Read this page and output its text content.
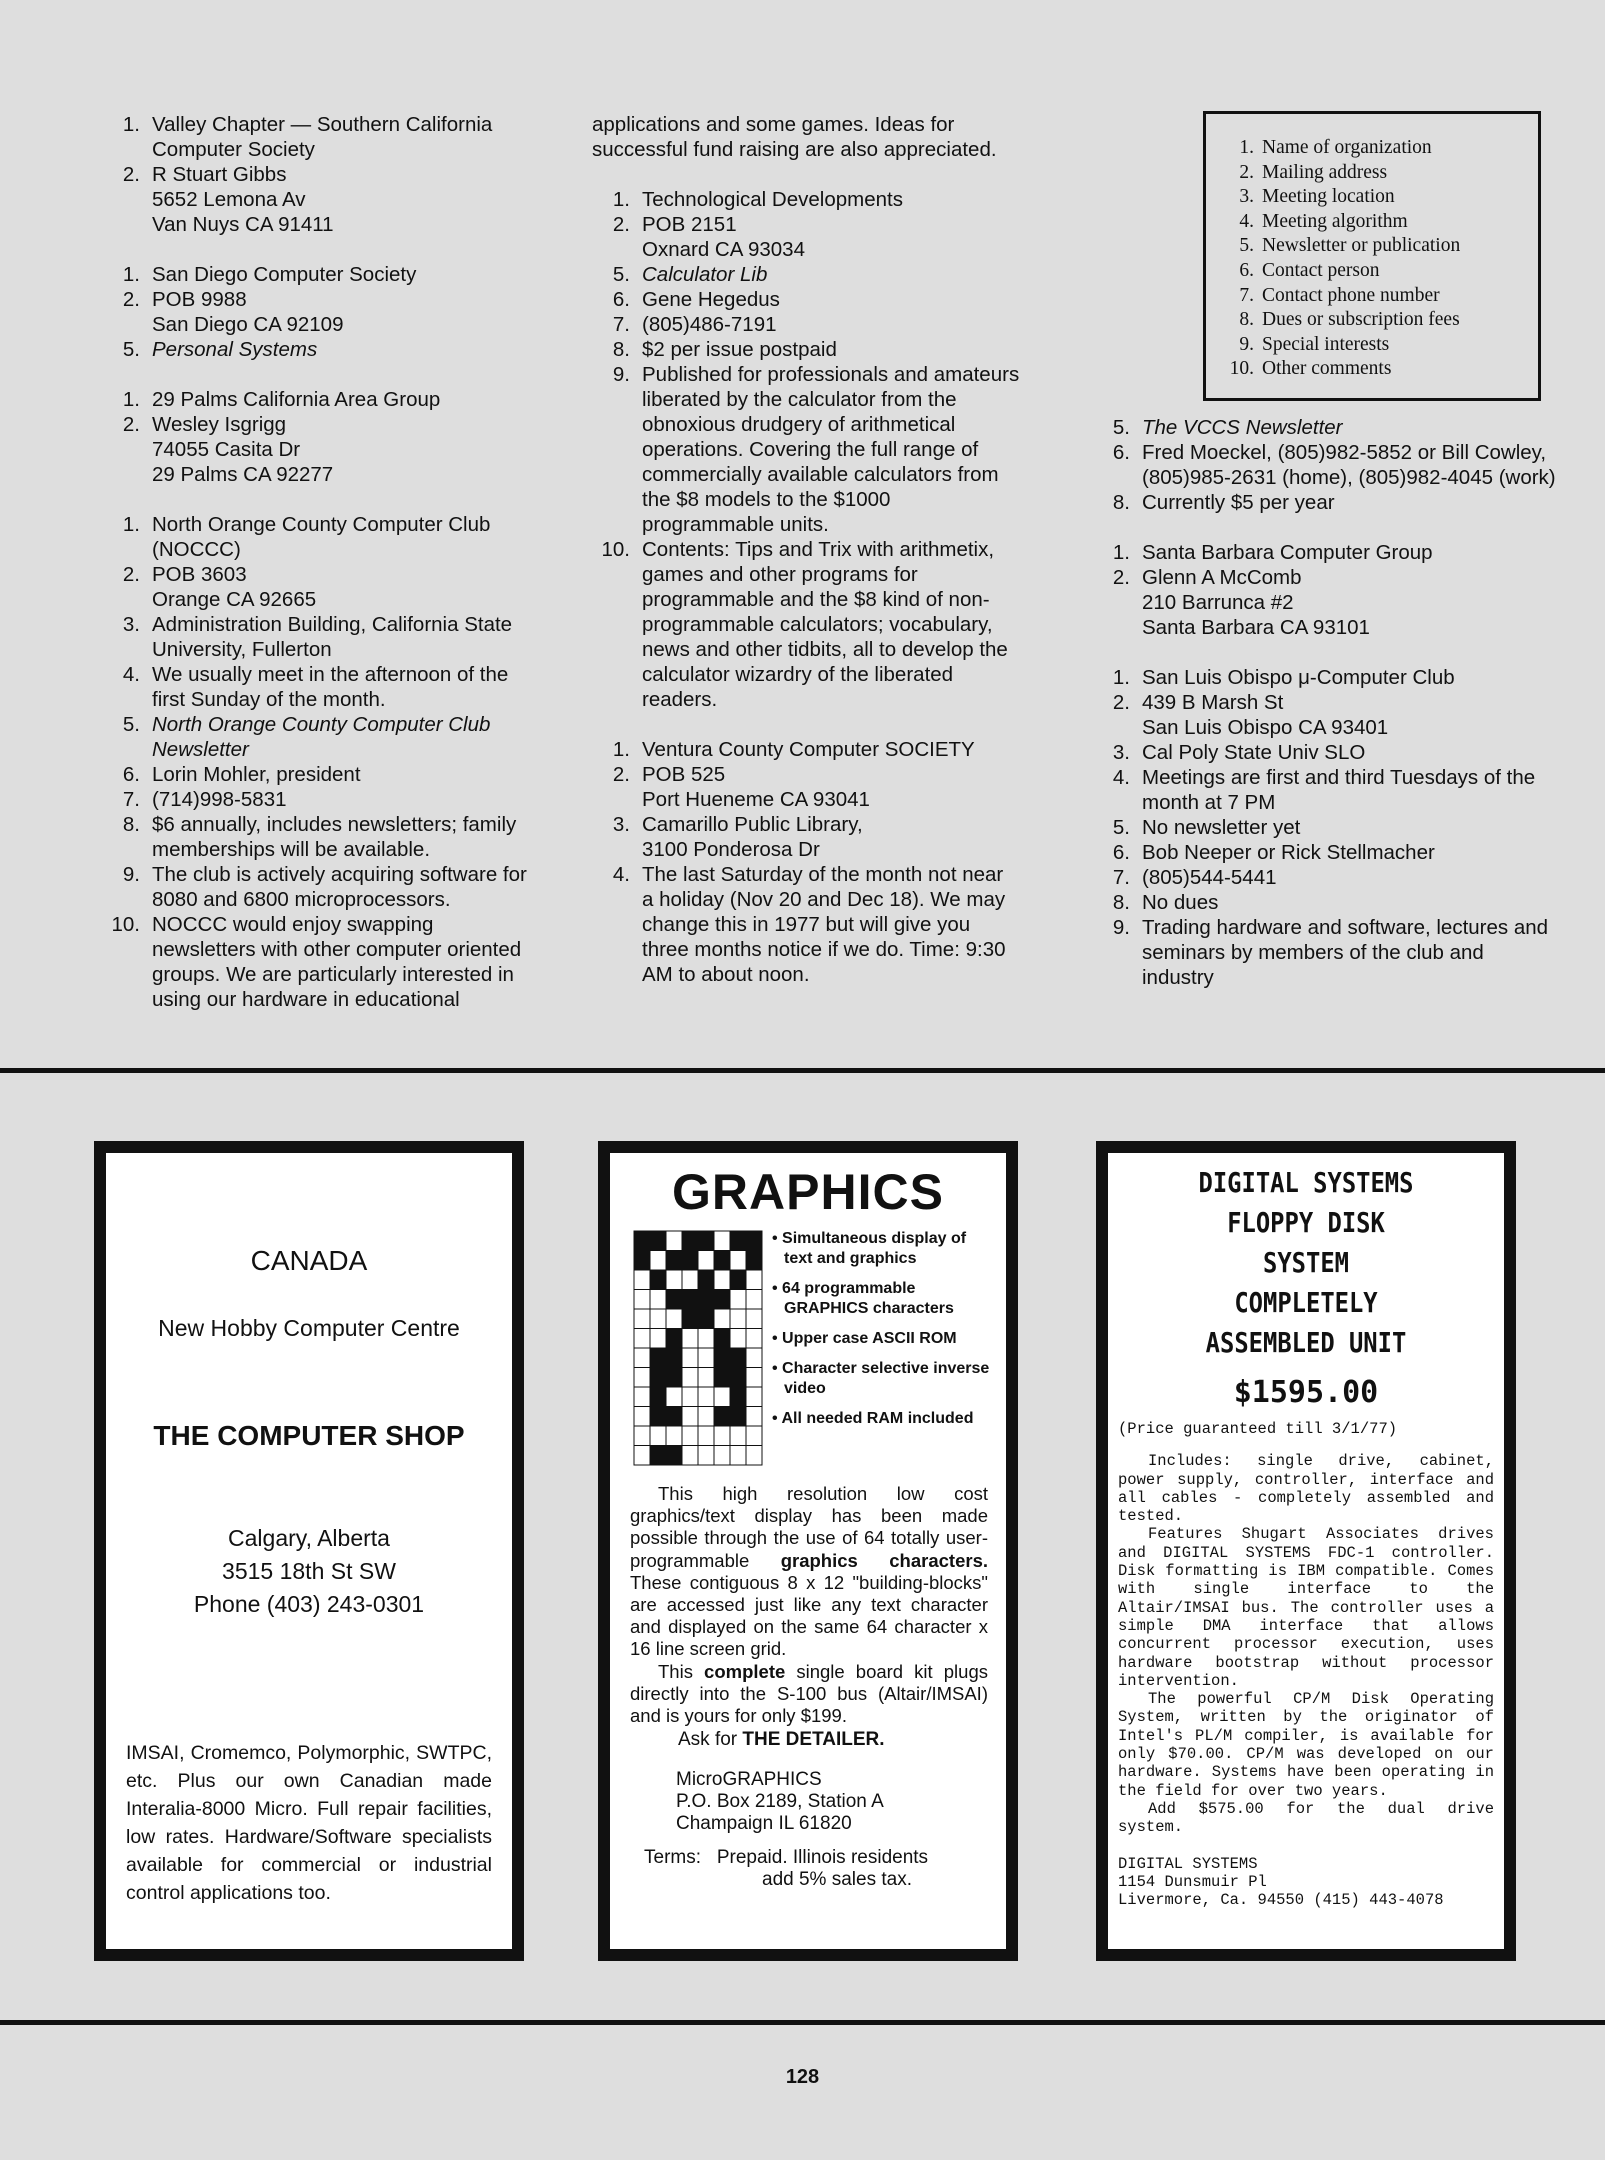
1. Valley Chapter — Southern California Computer Society
2. R Stuart Gibbs
5652 Lemona Av
Van Nuys CA 91411
1. San Diego Computer Society
2. POB 9988
San Diego CA 92109
5. Personal Systems
1. 29 Palms California Area Group
2. Wesley Isgrigg
74055 Casita Dr
29 Palms CA 92277
1. North Orange County Computer Club (NOCCC)
2. POB 3603
Orange CA 92665
3. Administration Building, California State University, Fullerton
4. We usually meet in the afternoon of the first Sunday of the month.
5. North Orange County Computer Club Newsletter
6. Lorin Mohler, president
7. (714)998-5831
8. $6 annually, includes newsletters; family memberships will be available.
9. The club is actively acquiring software for 8080 and 6800 microprocessors.
10. NOCCC would enjoy swapping newsletters with other computer oriented groups. We are particularly interested in using our hardware in educational
applications and some games. Ideas for successful fund raising are also appreciated.
1. Technological Developments
2. POB 2151
Oxnard CA 93034
5. Calculator Lib
6. Gene Hegedus
7. (805)486-7191
8. $2 per issue postpaid
9. Published for professionals and amateurs liberated by the calculator from the obnoxious drudgery of arithmetical operations. Covering the full range of commercially available calculators from the $8 models to the $1000 programmable units.
10. Contents: Tips and Trix with arithmetix, games and other programs for programmable and the $8 kind of non-programmable calculators; vocabulary, news and other tidbits, all to develop the calculator wizardry of the liberated readers.
1. Ventura County Computer SOCIETY
2. POB 525
Port Hueneme CA 93041
3. Camarillo Public Library,
3100 Ponderosa Dr
4. The last Saturday of the month not near a holiday (Nov 20 and Dec 18). We may change this in 1977 but will give you three months notice if we do. Time: 9:30 AM to about noon.
1. Name of organization
2. Mailing address
3. Meeting location
4. Meeting algorithm
5. Newsletter or publication
6. Contact person
7. Contact phone number
8. Dues or subscription fees
9. Special interests
10. Other comments
5. The VCCS Newsletter
6. Fred Moeckel, (805)982-5852 or Bill Cowley, (805)985-2631 (home), (805)982-4045 (work)
8. Currently $5 per year
1. Santa Barbara Computer Group
2. Glenn A McComb
210 Barrunca #2
Santa Barbara CA 93101
1. San Luis Obispo μ-Computer Club
2. 439 B Marsh St
San Luis Obispo CA 93401
3. Cal Poly State Univ SLO
4. Meetings are first and third Tuesdays of the month at 7 PM
5. No newsletter yet
6. Bob Neeper or Rick Stellmacher
7. (805)544-5441
8. No dues
9. Trading hardware and software, lectures and seminars by members of the club and industry
CANADA
New Hobby Computer Centre
THE COMPUTER SHOP
Calgary, Alberta
3515 18th St SW
Phone (403) 243-0301
IMSAI, Cromemco, Polymorphic, SWTPC, etc. Plus our own Canadian made Interalia-8000 Micro. Full repair facilities, low rates. Hardware/Software specialists available for commercial or industrial control applications too.
GRAPHICS
• Simultaneous display of text and graphics
• 64 programmable GRAPHICS characters
• Upper case ASCII ROM
• Character selective inverse video
• All needed RAM included
This high resolution low cost graphics/text display has been made possible through the use of 64 totally user-programmable graphics characters. These contiguous 8 x 12 "building-blocks" are accessed just like any text character and displayed on the same 64 character x 16 line screen grid.
This complete single board kit plugs directly into the S-100 bus (Altair/IMSAI) and is yours for only $199.
Ask for THE DETAILER.
MicroGRAPHICS
P.O. Box 2189, Station A
Champaign IL 61820
Terms:   Prepaid. Illinois residents
add 5% sales tax.
DIGITAL SYSTEMS
FLOPPY DISK
SYSTEM
COMPLETELY
ASSEMBLED UNIT
$1595.00
(Price guaranteed till 3/1/77)
Includes: single drive, cabinet, power supply, controller, interface and all cables - completely assembled and tested.
Features Shugart Associates drives and DIGITAL SYSTEMS FDC-1 controller. Disk formatting is IBM compatible. Comes with single interface to the Altair/IMSAI bus. The controller uses a simple DMA interface that allows concurrent processor execution, uses hardware bootstrap without processor intervention.
The powerful CP/M Disk Operating System, written by the originator of Intel's PL/M compiler, is available for only $70.00. CP/M was developed on our hardware. Systems have been operating in the field for over two years.
Add $575.00 for the dual drive system.
DIGITAL SYSTEMS
1154 Dunsmuir Pl
Livermore, Ca. 94550 (415) 443-4078
128
